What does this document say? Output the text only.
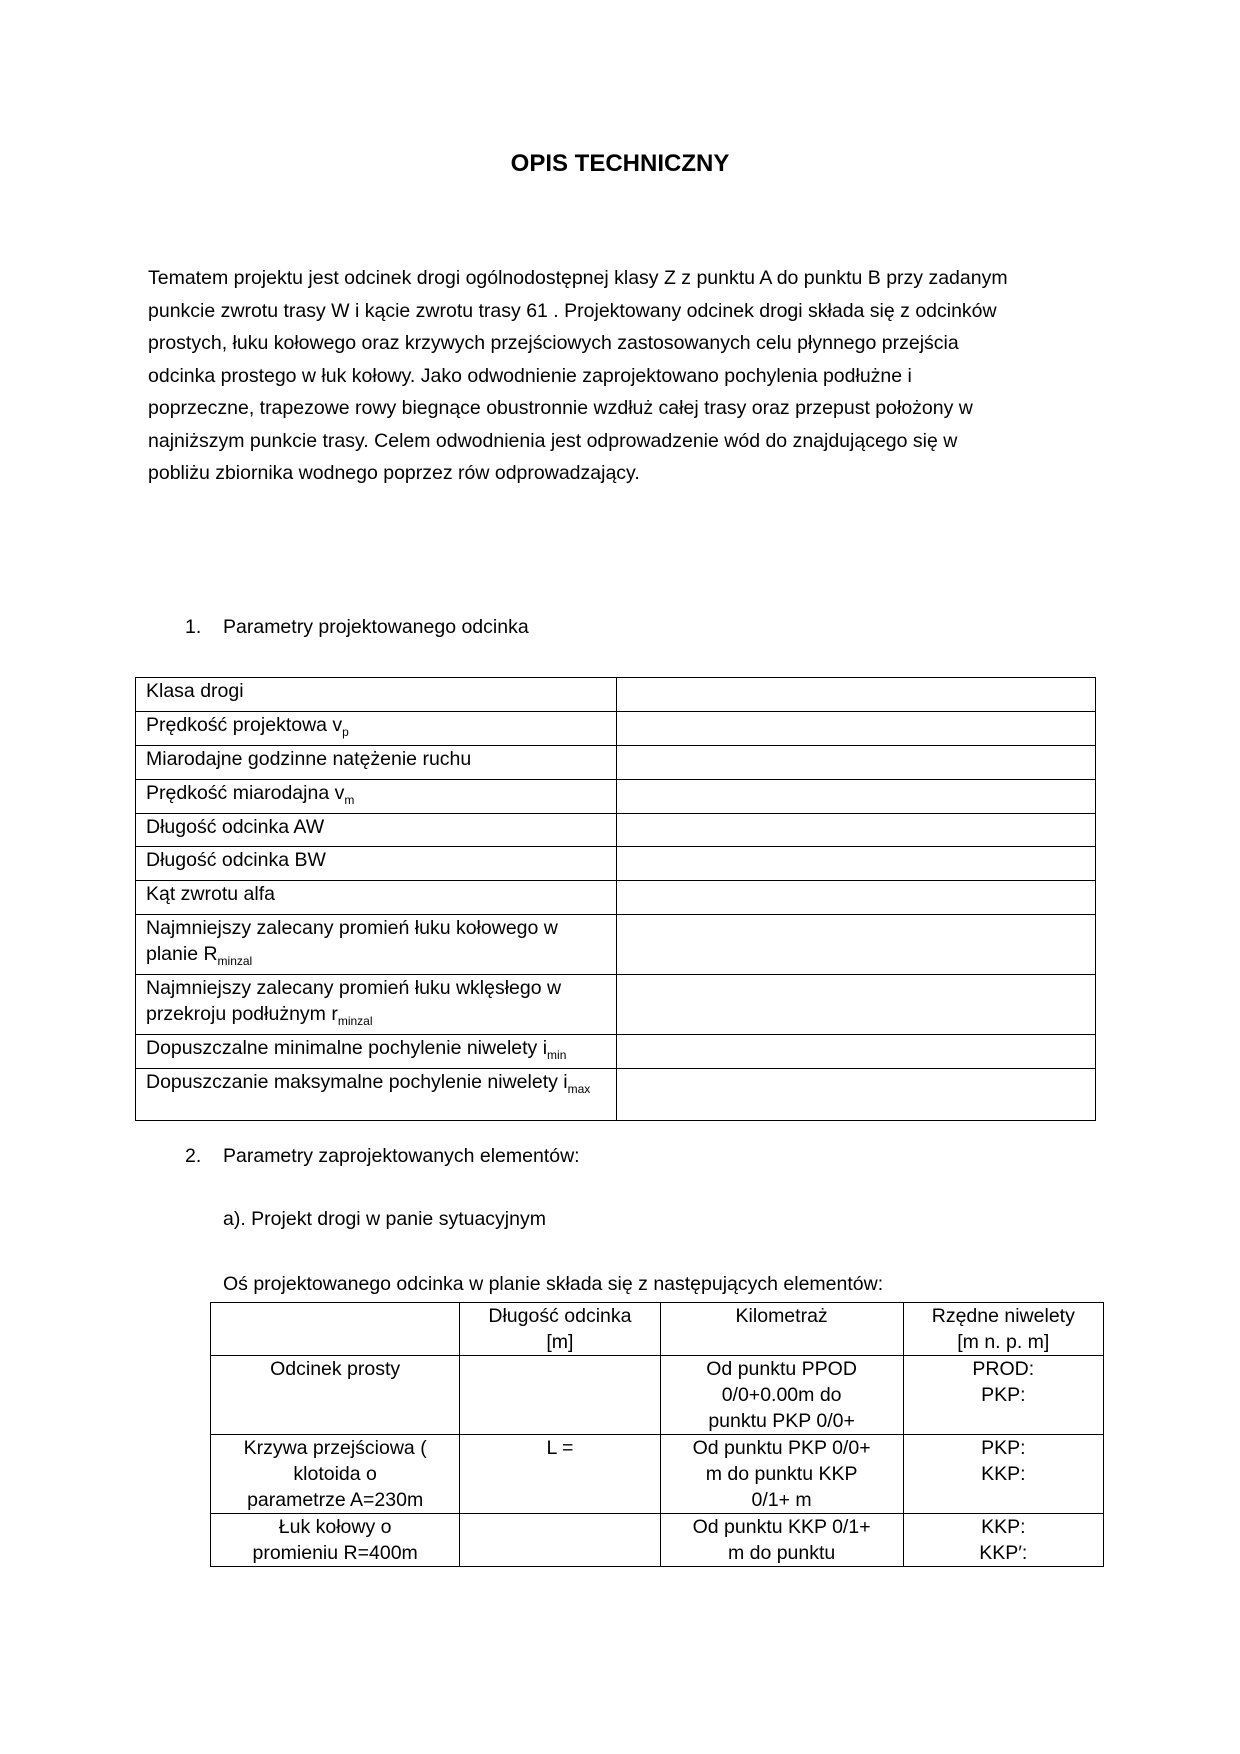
OPIS TECHNICZNY
Tematem projektu jest odcinek drogi ogólnodostępnej klasy Z z punktu A do punktu B przy zadanym
punkcie zwrotu trasy W i kącie zwrotu trasy 61 . Projektowany odcinek drogi składa się z odcinków
prostych, łuku kołowego oraz krzywych przejściowych zastosowanych celu płynnego przejścia
odcinka prostego w łuk kołowy. Jako odwodnienie zaprojektowano pochylenia podłużne i
poprzeczne, trapezowe rowy biegnące obustronnie wzdłuż całej trasy oraz przepust położony w
najniższym punkcie trasy. Celem odwodnienia jest odprowadzenie wód do znajdującego się w
pobliżu zbiornika wodnego poprzez rów odprowadzający.
1. Parametry projektowanego odcinka
Klasa drogi	
Prędkość projektowa $v_p$	
Miarodajne godzinne natężenie ruchu	
Prędkość miarodajna $v_m$	
Długość odcinka AW	
Długość odcinka BW	
Kąt zwrotu alfa	
Najmniejszy zalecany promień łuku kołowego w planie $R_{minzal}$	
Najmniejszy zalecany promień łuku wklęsłego w przekroju podłużnym $r_{minzal}$	
Dopuszczalne minimalne pochylenie niwelety $i_{min}$	
Dopuszczanie maksymalne pochylenie niwelety $i_{max}$	
2. Parametry zaprojektowanych elementów:
a). Projekt drogi w panie sytuacyjnym
Oś projektowanego odcinka w planie składa się z następujących elementów:
	Długość odcinka
[m]	Kilometraż	Rzędne niwelety
[m n. p. m]
Odcinek prosty		Od punktu PPOD
0/0+0.00m do
punktu PKP 0/0+	PROD:
PKP:
Krzywa przejściowa (
klotoida o
parametrze A=230m	L =	Od punktu PKP 0/0+
m do punktu KKP
0/1+ m	PKP:
KKP:
Łuk kołowy o
promieniu R=400m		Od punktu KKP 0/1+
m do punktu	KKP:
KKP′:
